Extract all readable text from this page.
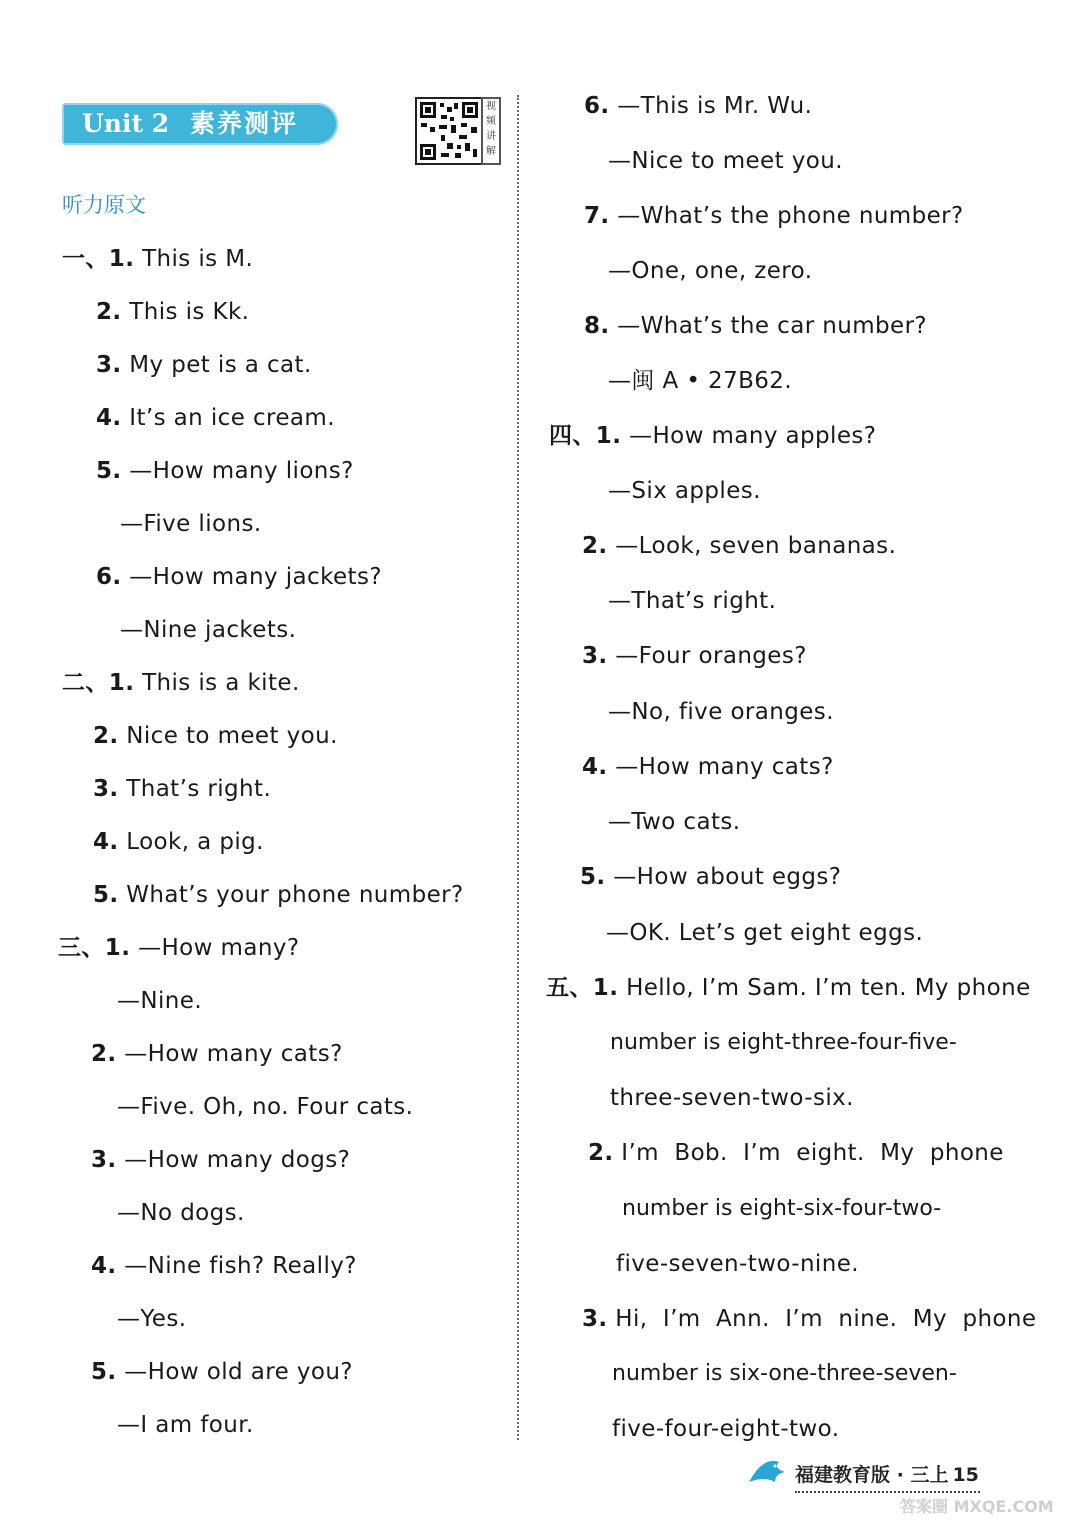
Unit 2 素养测评
视频讲解
听力原文
一、1. This is M.
2. This is Kk.
3. My pet is a cat.
4. It’s an ice cream.
5. —How many lions?
—Five lions.
6. —How many jackets?
—Nine jackets.
二、1. This is a kite.
2. Nice to meet you.
3. That’s right.
4. Look, a pig.
5. What’s your phone number?
三、1. —How many?
—Nine.
2. —How many cats?
—Five. Oh, no. Four cats.
3. —How many dogs?
—No dogs.
4. —Nine fish? Really?
—Yes.
5. —How old are you?
—I am four.
6. —This is Mr. Wu.
—Nice to meet you.
7. —What’s the phone number?
—One, one, zero.
8. —What’s the car number?
—闽 A • 27B62.
四、1. —How many apples?
—Six apples.
2. —Look, seven bananas.
—That’s right.
3. —Four oranges?
—No, five oranges.
4. —How many cats?
—Two cats.
5. —How about eggs?
—OK. Let’s get eight eggs.
五、1. Hello, I’m Sam. I’m ten. My phone
number is eight-three-four-five-
three-seven-two-six.
2. I’m  Bob.  I’m  eight.  My  phone
number is eight-six-four-two-
five-seven-two-nine.
3. Hi,  I’m  Ann.  I’m  nine.  My  phone
number is six-one-three-seven-
five-four-eight-two.
福建教育版 · 三上 15
答案圈 MXQE.COM
